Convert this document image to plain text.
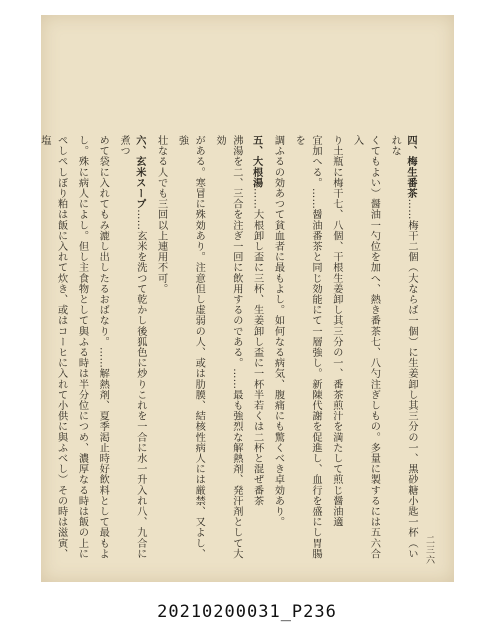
二三六

四、梅生番茶……梅干二個（大ならば一個）に生姜卸し其三分の一、黒砂糖小匙一杯（いれな

くてもよい）醤油一勺位を加へ、熱き番茶七、八勺注ぎしもの。多量に製するには五六合入

り土瓶に梅干七、八個、干根生姜卸し其三分の一、番茶煎汁を満たして煎じ醤油適

宜加へる。……醤油番茶と同じ効能にて一層強し。新陳代謝を促進し、血行を盛にし胃腸を

調ふるの効あつて貧血者に最もよし。如何なる病気、腹痛にも驚くべき卓効あり。

五、大根湯……大根卸し盃に三杯、生姜卸し盃に一杯半若くは二杯と混ぜ番茶

沸湯を二、三合を注ぎ一回に飲用するのである。……最も強烈な解熱剤、発汗剤として大効

がある。寒冒に殊効あり。注意但し虚弱の人、或は肋膜、結核性病人には厳禁、又よし、強

壮なる人でも三回以上連用不可。

六、玄米スープ……玄米を洗つて乾かし後狐色に炒りこれを一合に水一升入れ八、九合に煮つ

めて袋に入れてもみ漉し出したるおばなり。……解熱剤、夏季渇止時好飲料として最もよ

し。殊に病人によし。但し主食物として與ふる時は半分位につめ、濃厚なる時は飯の上に

ぺしぺしぼり粕は飯に入れて炊き、或はコーヒに入れて小供に與ふべし）その時は滋寅、塩

20210200031_P236
